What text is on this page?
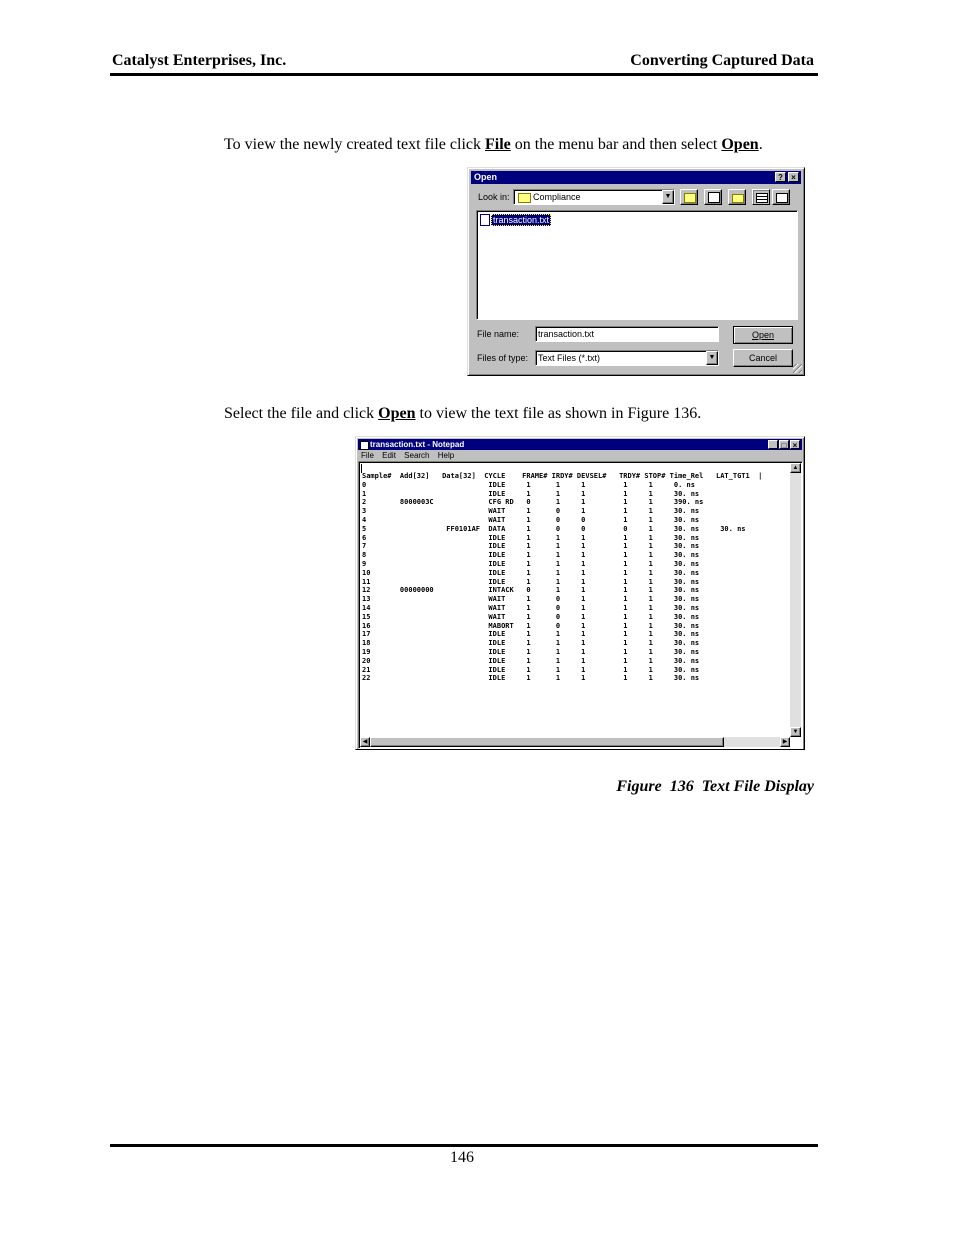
Catalyst Enterprises, Inc.	Converting Captured Data
To view the newly created text file click File on the menu bar and then select Open.
Open	?	×
Look in:	Compliance	▼
transaction.txt
File name: transaction.txt	Open
Files of type: Text Files (*.txt)	▼	Cancel
Select the file and click Open to view the text file as shown in Figure 136.
transaction.txt - Notepad	_ □ ×
File Edit Search Help
Sample#  Add[32]   Data[32]  CYCLE    FRAME# IRDY# DEVSEL#   TRDY# STOP# Time_Rel   LAT_TGT1  |
0                             IDLE     1      1     1         1     1     0. ns
1                             IDLE     1      1     1         1     1     30. ns
2        8000003C             CFG RD   0      1     1         1     1     390. ns
3                             WAIT     1      0     1         1     1     30. ns
4                             WAIT     1      0     0         1     1     30. ns
5                   FF0101AF  DATA     1      0     0         0     1     30. ns     30. ns
6                             IDLE     1      1     1         1     1     30. ns
7                             IDLE     1      1     1         1     1     30. ns
8                             IDLE     1      1     1         1     1     30. ns
9                             IDLE     1      1     1         1     1     30. ns
10                            IDLE     1      1     1         1     1     30. ns
11                            IDLE     1      1     1         1     1     30. ns
12       00000000             INTACK   0      1     1         1     1     30. ns
13                            WAIT     1      0     1         1     1     30. ns
14                            WAIT     1      0     1         1     1     30. ns
15                            WAIT     1      0     1         1     1     30. ns
16                            MABORT   1      0     1         1     1     30. ns
17                            IDLE     1      1     1         1     1     30. ns
18                            IDLE     1      1     1         1     1     30. ns
19                            IDLE     1      1     1         1     1     30. ns
20                            IDLE     1      1     1         1     1     30. ns
21                            IDLE     1      1     1         1     1     30. ns
22                            IDLE     1      1     1         1     1     30. ns
▲
▼
◀	▶
Figure  136  Text File Display
146
